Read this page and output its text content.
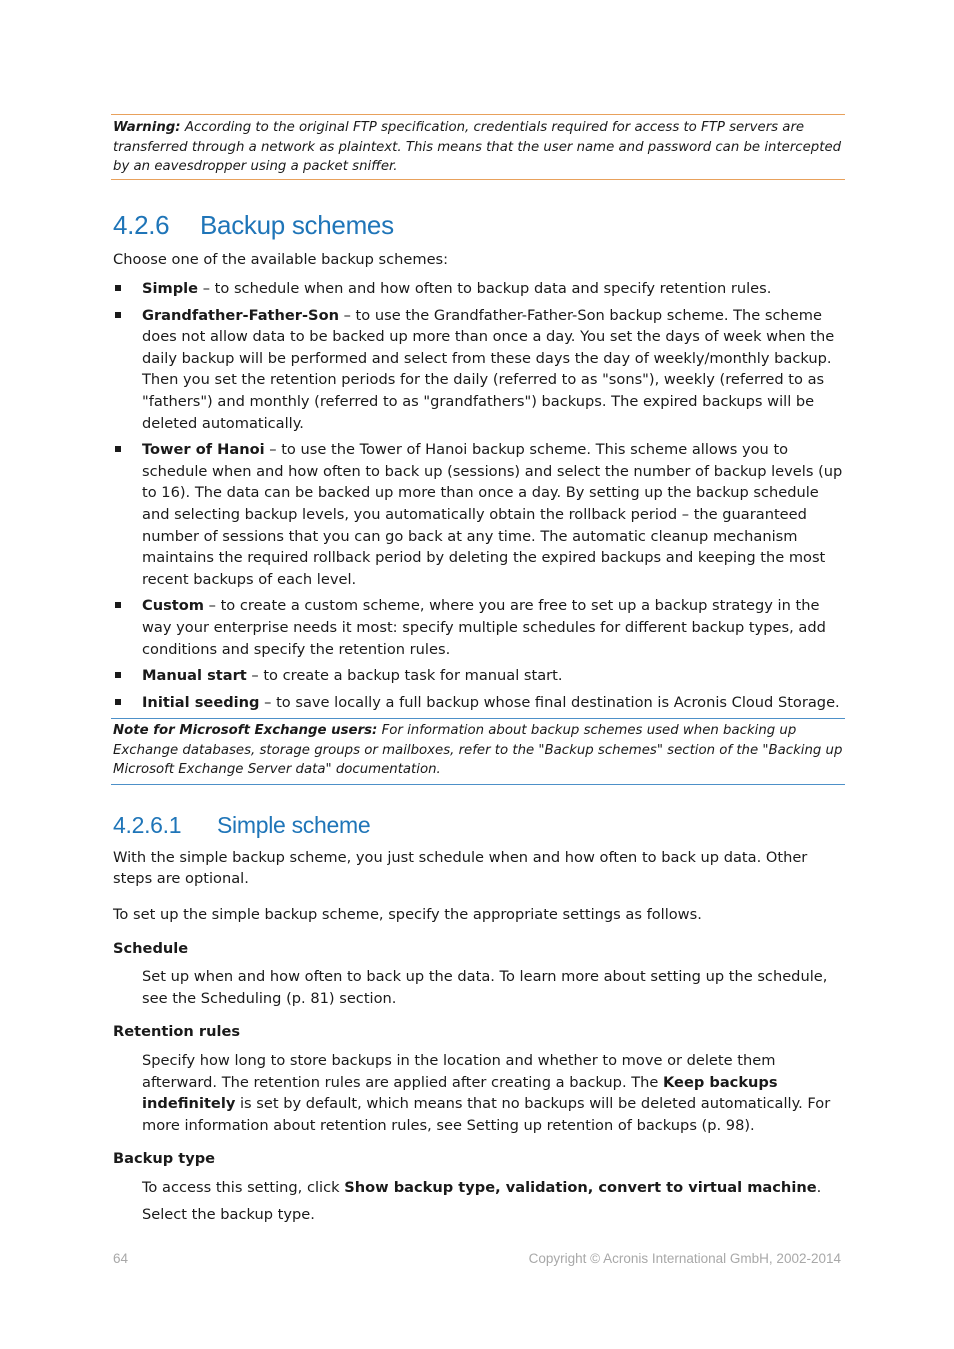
Warning: According to the original FTP specification, credentials required for access to FTP servers are transferred through a network as plaintext. This means that the user name and password can be intercepted by an eavesdropper using a packet sniffer.
4.2.6 Backup schemes

Choose one of the available backup schemes:

Simple – to schedule when and how often to backup data and specify retention rules.
Grandfather-Father-Son – to use the Grandfather-Father-Son backup scheme. The scheme does not allow data to be backed up more than once a day. You set the days of week when the daily backup will be performed and select from these days the day of weekly/monthly backup. Then you set the retention periods for the daily (referred to as "sons"), weekly (referred to as "fathers") and monthly (referred to as "grandfathers") backups. The expired backups will be deleted automatically.
Tower of Hanoi – to use the Tower of Hanoi backup scheme. This scheme allows you to schedule when and how often to back up (sessions) and select the number of backup levels (up to 16). The data can be backed up more than once a day. By setting up the backup schedule and selecting backup levels, you automatically obtain the rollback period – the guaranteed number of sessions that you can go back at any time. The automatic cleanup mechanism maintains the required rollback period by deleting the expired backups and keeping the most recent backups of each level.
Custom – to create a custom scheme, where you are free to set up a backup strategy in the way your enterprise needs it most: specify multiple schedules for different backup types, add conditions and specify the retention rules.
Manual start – to create a backup task for manual start.
Initial seeding – to save locally a full backup whose final destination is Acronis Cloud Storage.
Note for Microsoft Exchange users: For information about backup schemes used when backing up Exchange databases, storage groups or mailboxes, refer to the "Backup schemes" section of the "Backing up Microsoft Exchange Server data" documentation.
4.2.6.1 Simple scheme

With the simple backup scheme, you just schedule when and how often to back up data. Other steps are optional.

To set up the simple backup scheme, specify the appropriate settings as follows.

Schedule

Set up when and how often to back up the data. To learn more about setting up the schedule, see the Scheduling (p. 81) section.

Retention rules

Specify how long to store backups in the location and whether to move or delete them afterward. The retention rules are applied after creating a backup. The Keep backups indefinitely is set by default, which means that no backups will be deleted automatically. For more information about retention rules, see Setting up retention of backups (p. 98).

Backup type

To access this setting, click Show backup type, validation, convert to virtual machine.

Select the backup type.

64	Copyright © Acronis International GmbH, 2002-2014
